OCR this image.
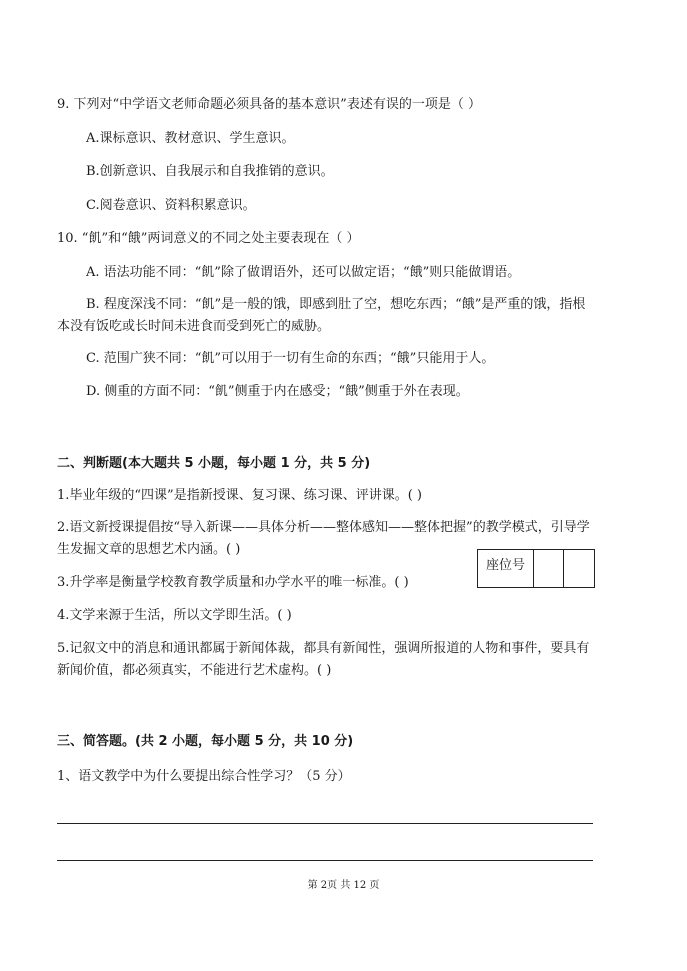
9. 下列对“中学语文老师命题必须具备的基本意识”表述有误的一项是（ ）
A.课标意识、教材意识、学生意识。
B.创新意识、自我展示和自我推销的意识。
C.阅卷意识、资料积累意识。
10. “飢”和“餓”两词意义的不同之处主要表现在（ ）
A. 语法功能不同：“飢”除了做谓语外，还可以做定语；“餓”则只能做谓语。
B. 程度深浅不同：“飢”是一般的饿，即感到肚了空，想吃东西；“餓”是严重的饿，指根本没有饭吃或长时间未进食而受到死亡的威胁。
C. 范围广狭不同：“飢”可以用于一切有生命的东西；“餓”只能用于人。
D. 侧重的方面不同：“飢”侧重于内在感受；“餓”侧重于外在表现。
二、判断题(本大题共 5 小题，每小题 1 分，共 5 分)
1.毕业年级的“四课”是指新授课、复习课、练习课、评讲课。( )
2.语文新授课提倡按“导入新课——具体分析——整体感知——整体把握”的教学模式，引导学生发掘文章的思想艺术内涵。( )
3.升学率是衡量学校教育教学质量和办学水平的唯一标准。( )
4.文学来源于生活，所以文学即生活。( )
5.记叙文中的消息和通讯都属于新闻体裁，都具有新闻性，强调所报道的人物和事件，要具有新闻价值，都必须真实，不能进行艺术虚构。( )
座位号
三、简答题。(共 2 小题，每小题 5 分，共 10 分)
1、语文教学中为什么要提出综合性学习？（5 分）
第 2页 共 12 页
